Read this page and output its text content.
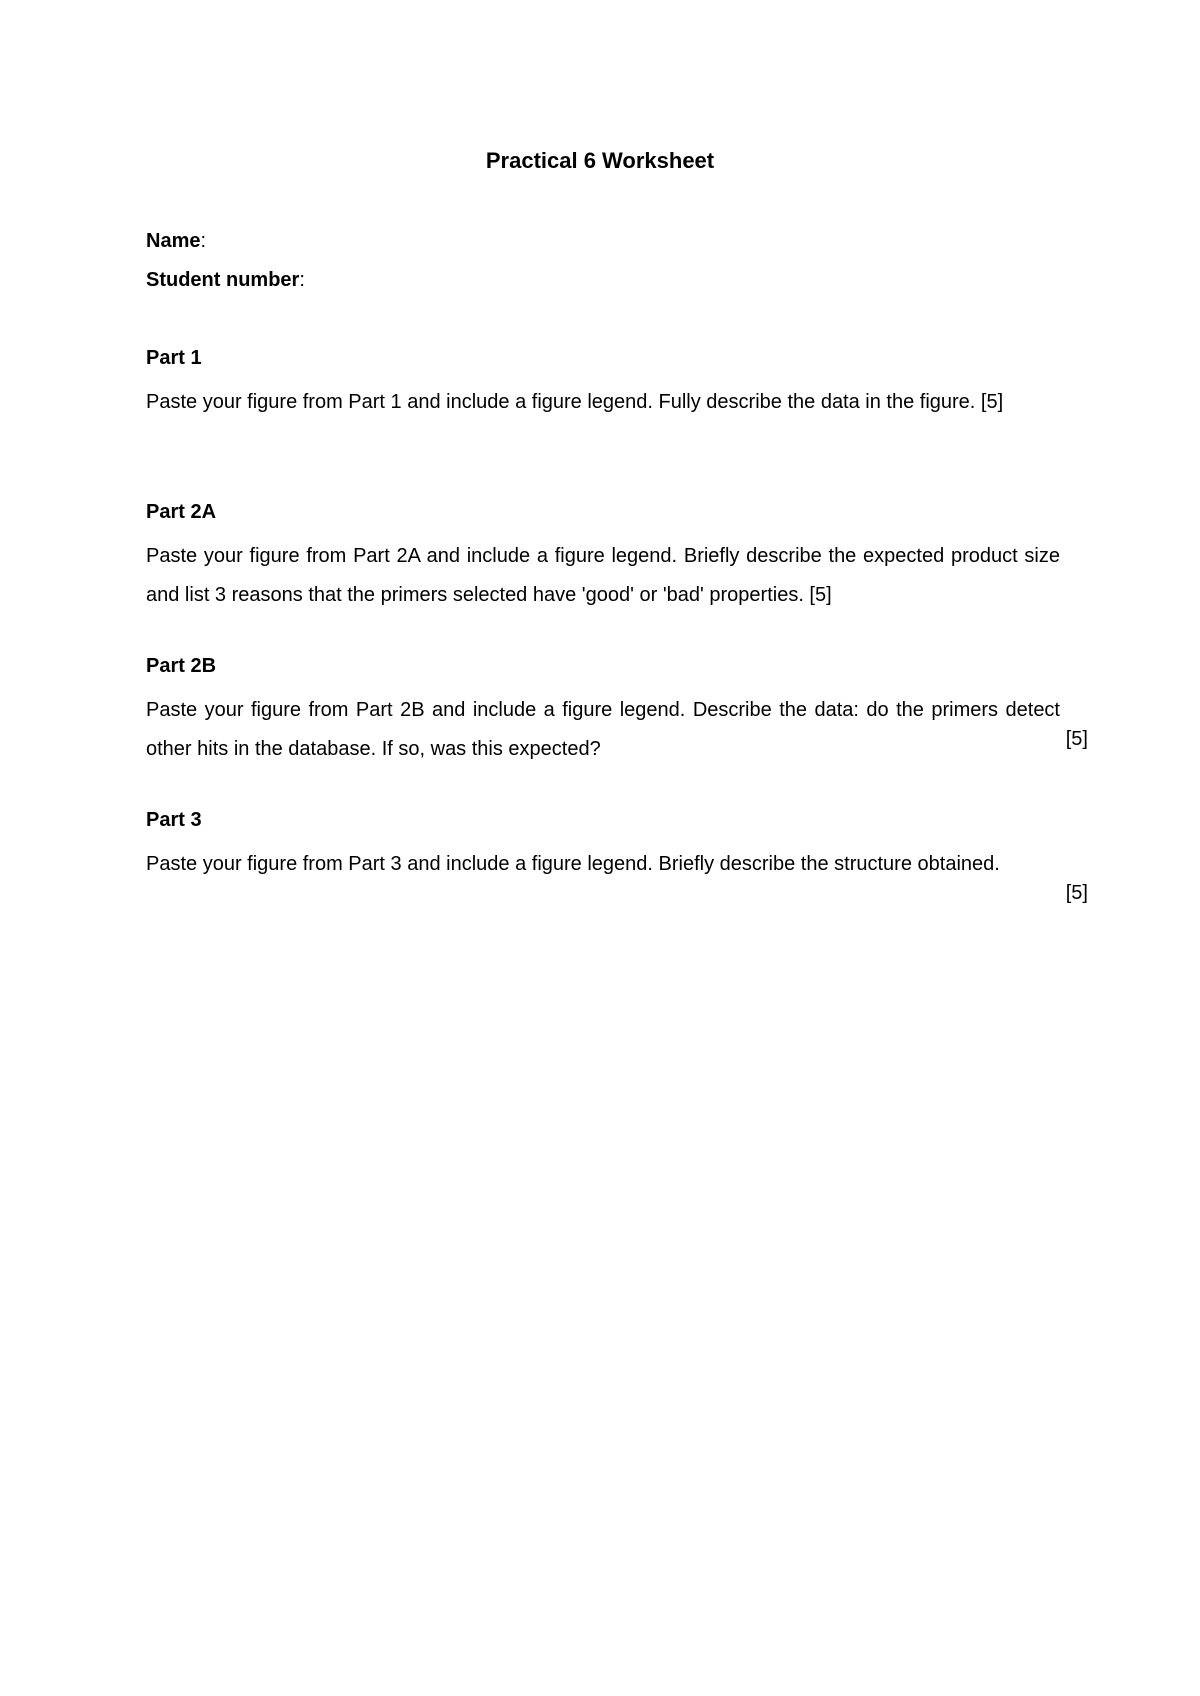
Practical 6 Worksheet
Name:
Student number:
Part 1
Paste your figure from Part 1 and include a figure legend. Fully describe the data in the figure. [5]
Part 2A
Paste your figure from Part 2A and include a figure legend. Briefly describe the expected product size and list 3 reasons that the primers selected have 'good' or 'bad' properties. [5]
Part 2B
Paste your figure from Part 2B and include a figure legend. Describe the data: do the primers detect other hits in the database. If so, was this expected?	[5]
Part 3
Paste your figure from Part 3 and include a figure legend. Briefly describe the structure obtained.
[5]
